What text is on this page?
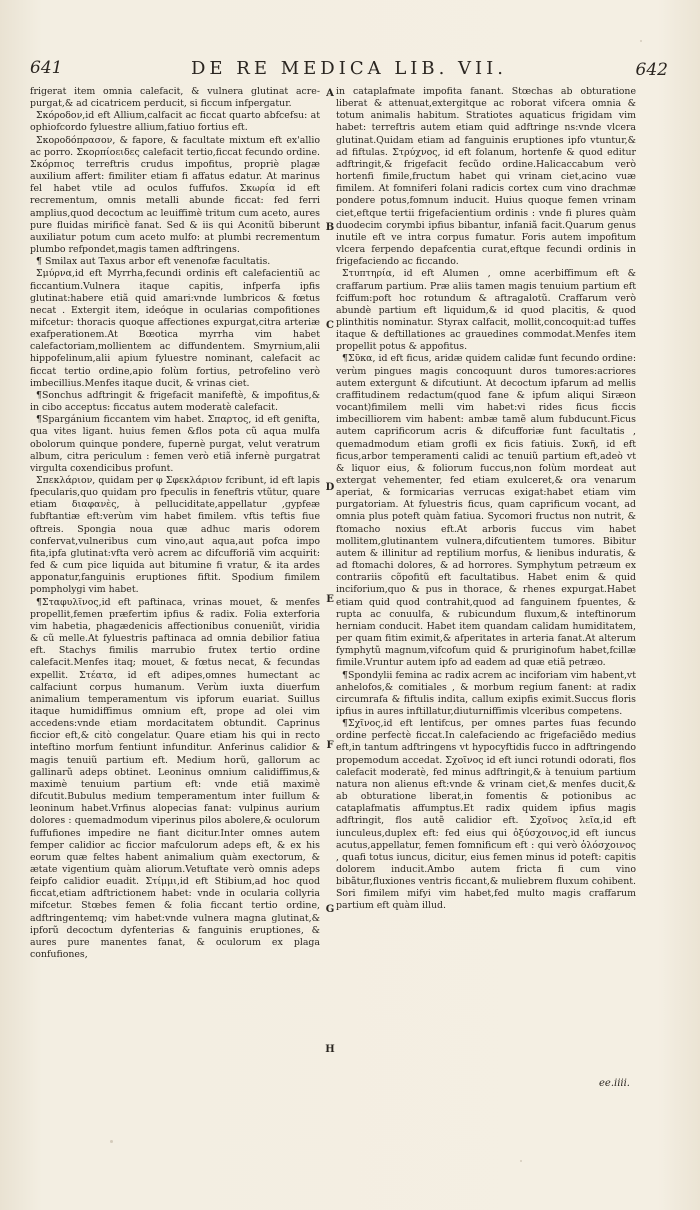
641	DE RE MEDICA LIB. VII.	642

frigerat item omnia calefacit, & vulnera glutinat acre-purgat,& ad cicatricem perducit, si ficcum infpergatur.

Σκόροδον,id eft Allium,calfacit ac ficcat quarto abfcefsu: at ophiofcordo fyluestre allium,fatiuo fortius eft.

Σκοροδόπρασον, & fapore, & facultate mixtum eft ex'allio ac porro. Σκορπίοειδες calefacit tertio,ficcat fecundo ordine. Σκόρπιος terreftris crudus impofitus, propriè plagæ auxilium affert: fimiliter etiam fi affatus edatur. At marinus fel habet vtile ad oculos fuffufos. Σκωρία id eft recrementum, omnis metalli abunde ficcat: fed ferri amplius,quod decoctum ac leuiffimè tritum cum aceto, aures pure fluidas mirificè fanat. Sed & iis qui Aconitũ biberunt auxiliatur potum cum aceto mulfo: at plumbi recrementum plumbo refpondet,magis tamen adftringens.

¶ Smilax aut Taxus arbor eft venenofæ facultatis.

Σμύρνα,id eft Myrrha,fecundi ordinis eft calefacientiũ ac ficcantium.Vulnera itaque capitis, infperfa ipfis glutinat:habere etiã quid amari:vnde lumbricos & fœtus necat . Extergit item, ideóque in ocularias compofitiones mifcetur: thoracis quoque affectiones expurgat,citra arteriæ exafperationem.At Bœotica myrrha vim habet calefactoriam,mollientem ac diffundentem. Smyrnium,alii hippofelinum,alii apium fyluestre nominant, calefacit ac ficcat tertio ordine,apio folùm fortius, petrofelino verò imbecillius.Menfes itaque ducit, & vrinas ciet.

¶Sonchus adftringit & frigefacit manifeftè, & impofitus,& in cibo acceptus: ficcatus autem moderatè calefacit.

¶Spargánium ficcantem vim habet. Σπαρτος, id eft genifta, qua vites ligant. huius femen &flos pota cũ aqua mulfa obolorum quinque pondere, fupernè purgat, velut veratrum album, citra periculum : femen verò etiã infernè purgatrat virgulta coxendicibus profunt.

Σπεκλάριον, quidam per φ Σφεκλάριον fcribunt, id eft lapis fpecularis,quo quidam pro fpeculis in feneftris vtũtur, quare etiam διαφανὲς, à pelluciditate,appellatur ,gypfeæ fubftantiæ eft:verùm vim habet fimilem. vftis teftis fiue oftreis. Spongia noua quæ adhuc maris odorem confervat,vulneribus cum vino,aut aqua,aut pofca impo fita,ipfa glutinat:vfta verò acrem ac difcufforiã vim acquirit: fed & cum pice liquida aut bitumine fi vratur, & ita ardes apponatur,fanguinis eruptiones fiftit. Spodium fimilem pompholygi vim habet.

¶Σταφυλῖνος,id eft paftinaca, vrinas mouet, & menfes propellit,femen præfertim ipfius & radix. Folia exterforia vim habetia, phagædenicis affectionibus conueniũt, viridia & cũ melle.At fyluestris paftinaca ad omnia debilior fatiua eft. Stachys fimilis marrubio frutex tertio ordine calefacit.Menfes itaq; mouet, & fœtus necat, & fecundas expellit. Στέατα, id eft adipes,omnes humectant ac calfaciunt corpus humanum. Verùm iuxta diuerfum animalium temperamentum vis ipforum euariat. Suillus itaque humidiffimus omnium eft, prope ad olei vim accedens:vnde etiam mordacitatem obtundit. Caprinus ficcior eft,& citò congelatur. Quare etiam his qui in recto inteftino morfum fentiunt infunditur. Anferinus calidior & magis tenuiũ partium eft. Medium horũ, gallorum ac gallinarũ adeps obtinet. Leoninus omnium calidiffimus,& maximè tenuium partium eft: vnde etiã maximè difcutit.Bubulus medium temperamentum inter fuillum & leoninum habet.Vrfinus alopecias fanat: vulpinus aurium dolores : quemadmodum viperinus pilos abolere,& oculorum fuffufiones impedire ne fiant dicitur.Inter omnes autem femper calidior ac ficcior mafculorum adeps eft, & ex his eorum quæ feltes habent animalium quàm exectorum, & ætate vigentium quàm aliorum.Vetuftate verò omnis adeps feipfo calidior euadit. Στίμμι,id eft Stibium,ad hoc quod ficcat,etiam adftrictionem habet: vnde in ocularia collyria mifcetur. Stœbes femen & folia ficcant tertio ordine, adftringentemq; vim habet:vnde vulnera magna glutinat,& ipforũ decoctum dyfenterias & fanguinis eruptiones, & aures pure manentes fanat, & oculorum ex plaga confufiones,

A
B
C
D
E
F
G
H

in cataplafmate impofita fanant. Stœchas ab obturatione liberat & attenuat,extergitque ac roborat vifcera omnia & totum animalis habitum. Stratiotes aquaticus frigidam vim habet: terreftris autem etiam quid adftringe ns:vnde vlcera glutinat.Quidam etiam ad fanguinis eruptiones ipfo vtuntur,& ad fiftulas. Στρύχνος, id eft folanum, hortenfe & quod editur adftringit,& frigefacit fecũdo ordine.Halicaccabum verò hortenfi fimile,fructum habet qui vrinam ciet,acino vuæ fimilem. At fomniferi folani radicis cortex cum vino drachmæ pondere potus,fomnum inducit. Huius quoque femen vrinam ciet,eftque tertii frigefacientium ordinis : vnde fi plures quàm duodecim corymbi ipfius bibantur, infaniã facit.Quarum genus inutile eft ve intra corpus fumatur. Foris autem impofitum vlcera ferpendo depafcentia curat,eftque fecundi ordinis in frigefaciendo ac ficcando.

Στυπτηρία, id eft Alumen , omne acerbiffimum eft & craffarum partium. Præ aliis tamen magis tenuium partium eft fciffum:poft hoc rotundum & aftragalotũ. Craffarum verò abundè partium eft liquidum,& id quod placitis, & quod plinthitis nominatur. Styrax calfacit, mollit,concoquit:ad tuffes itaque & deftillationes ac grauedines commodat.Menfes item propellit potus & appofitus.

¶Σῦκα, id eft ficus, aridæ quidem calidæ funt fecundo ordine: verùm pingues magis concoquunt duros tumores:acriores autem extergunt & difcutiunt. At decoctum ipfarum ad mellis craffitudinem redactum(quod fane & ipfum aliqui Siræon vocant)fimilem melli vim habet:vi rides ficus ficcis imbecilliorem vim habent: ambæ tamẽ alum fubducunt.Ficus autem caprificorum acris & difcufforiæ funt facultatis , quemadmodum etiam grofli ex ficis fatiuis. Συκῆ, id eft ficus,arbor temperamenti calidi ac tenuiũ partium eft,adeò vt & liquor eius, & foliorum fuccus,non folùm mordeat aut extergat vehementer, fed etiam exulceret,& ora venarum aperiat, & formicarias verrucas exigat:habet etiam vim purgatoriam. At fyluestris ficus, quam caprificum vocant, ad omnia plus poteft quàm fatiua. Sycomori fructus non nutrit, & ftomacho noxius eft.At arboris fuccus vim habet mollitem,glutinantem vulnera,difcutientem tumores. Bibitur autem & illinitur ad reptilium morfus, & lienibus induratis, & ad ftomachi dolores, & ad horrores. Symphytum petræum ex contrariis cõpofitũ eft facultatibus. Habet enim & quid inciforium,quo & pus in thorace, & rhenes expurgat.Habet etiam quid quod contrahit,quod ad fanguinem fpuentes, & rupta ac conuulfa, & rubicundum fluxum,& inteftinorum herniam conducit. Habet item quandam calidam humiditatem, per quam fitim eximit,& afperitates in arteria fanat.At alterum fymphytũ magnum,vifcofum quid & pruriginofum habet,fcillæ fimile.Vruntur autem ipfo ad eadem ad quæ etiã petræo.

¶Spondylii femina ac radix acrem ac inciforiam vim habent,vt anhelofos,& comitiales , & morbum regium fanent: at radix circumrafa & fiftulis indita, callum exipfis eximit.Succus floris ipfius in aures inftillatur,diuturniffimis vlceribus competens.

¶Σχῖνος,id eft lentifcus, per omnes partes fuas fecundo ordine perfectè ficcat.In calefaciendo ac frigefaciẽdo medius eft,in tantum adftringens vt hypocyftidis fucco in adftringendo propemodum accedat. Σχοῖνος id eft iunci rotundi odorati, flos calefacit moderatè, fed minus adftringit,& à tenuium partium natura non alienus eft:vnde & vrinam ciet,& menfes ducit,& ab obturatione liberat,in fomentis & potionibus ac cataplafmatis affumptus.Et radix quidem ipfius magis adftringit, flos autẽ calidior eft. Σχοῖνος λεῖα,id eft iunculeus,duplex eft: fed eius qui ὀξύσχοινος,id eft iuncus acutus,appellatur, femen fomnificum eft : qui verò ὁλόσχοινος , quafi totus iuncus, dicitur, eius femen minus id poteft: capitis dolorem inducit.Ambo autem fricta fi cum vino bibãtur,fluxiones ventris ficcant,& muliebrem fluxum cohibent. Sori fimilem mifyi vim habet,fed multo magis craffarum partium eft quàm illud.

ee.iiii.
